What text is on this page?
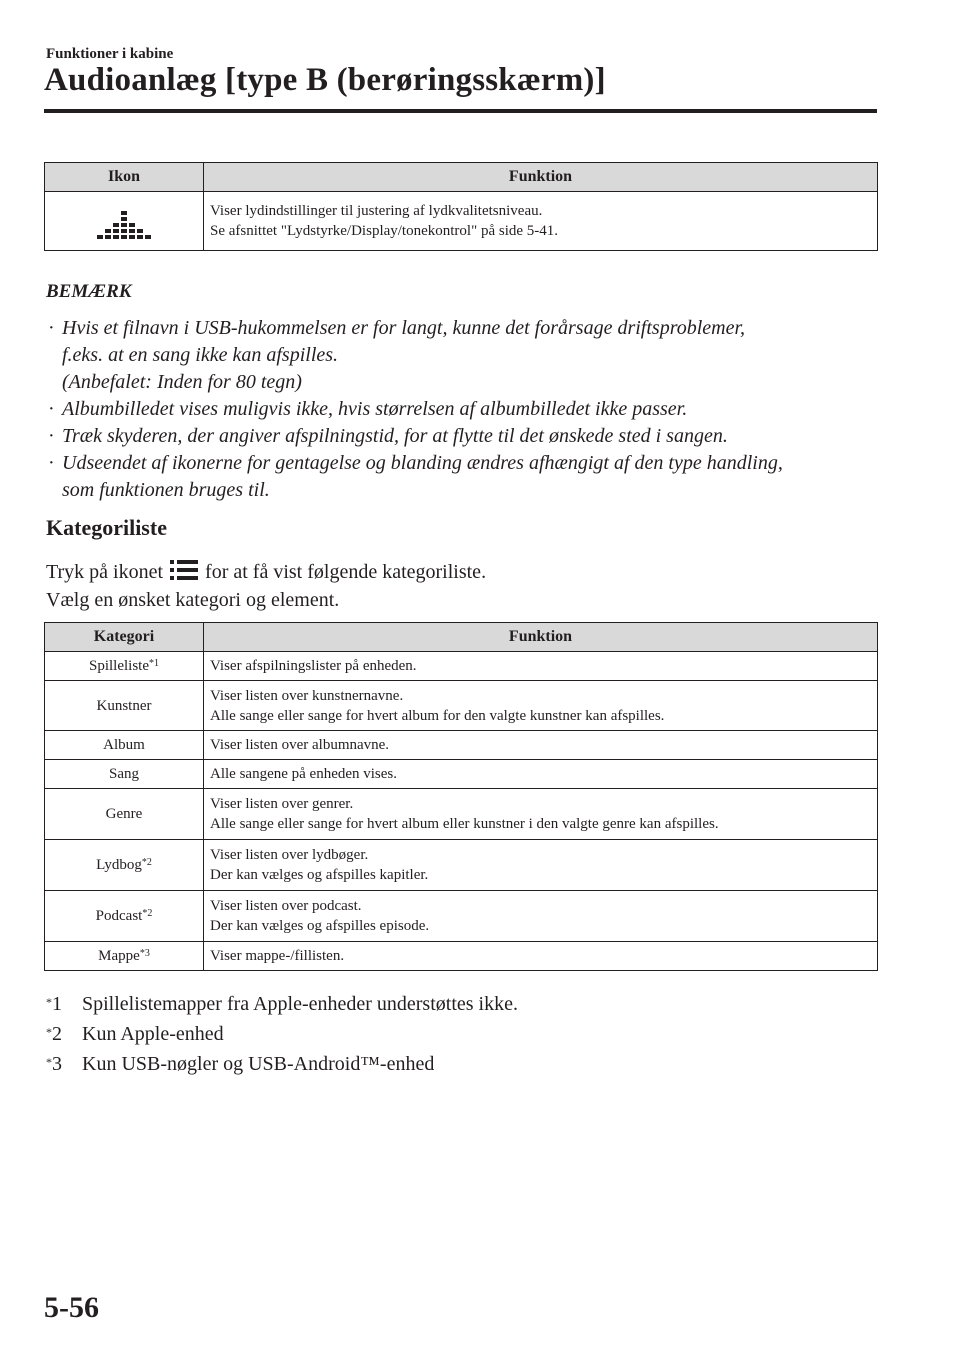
Funktioner i kabine
Audioanlæg [type B (berøringsskærm)]
Ikon	Funktion

Viser lydindstillinger til justering af lydkvalitetsniveau.
Se afsnittet "Lydstyrke/Display/tonekontrol" på side 5-41.
BEMÆRK
· Hvis et filnavn i USB-hukommelsen er for langt, kunne det forårsage driftsproblemer,
f.eks. at en sang ikke kan afspilles.
(Anbefalet: Inden for 80 tegn)
· Albumbilledet vises muligvis ikke, hvis størrelsen af albumbilledet ikke passer.
· Træk skyderen, der angiver afspilningstid, for at flytte til det ønskede sted i sangen.
· Udseendet af ikonerne for gentagelse og blanding ændres afhængigt af den type handling,
som funktionen bruges til.
Kategoriliste
Tryk på ikonet for at få vist følgende kategoriliste.
Vælg en ønsket kategori og element.
Kategori	Funktion
Spilleliste$^{*1}$	Viser afspilningslister på enheden.

Kunstner	Viser listen over kunstnernavne.
Alle sange eller sange for hvert album for den valgte kunstner kan afspilles.

Album	Viser listen over albumnavne.

Sang	Alle sangene på enheden vises.

Genre	Viser listen over genrer.
Alle sange eller sange for hvert album eller kunstner i den valgte genre kan afspilles.

Lydbog$^{*2}$	Viser listen over lydbøger.
Der kan vælges og afspilles kapitler.

Podcast$^{*2}$	Viser listen over podcast.
Der kan vælges og afspilles episode.

Mappe$^{*3}$	Viser mappe-/fillisten.
*1 Spillelistemapper fra Apple-enheder understøttes ikke.
*2 Kun Apple-enhed
*3 Kun USB-nøgler og USB-Android™-enhed
5-56
